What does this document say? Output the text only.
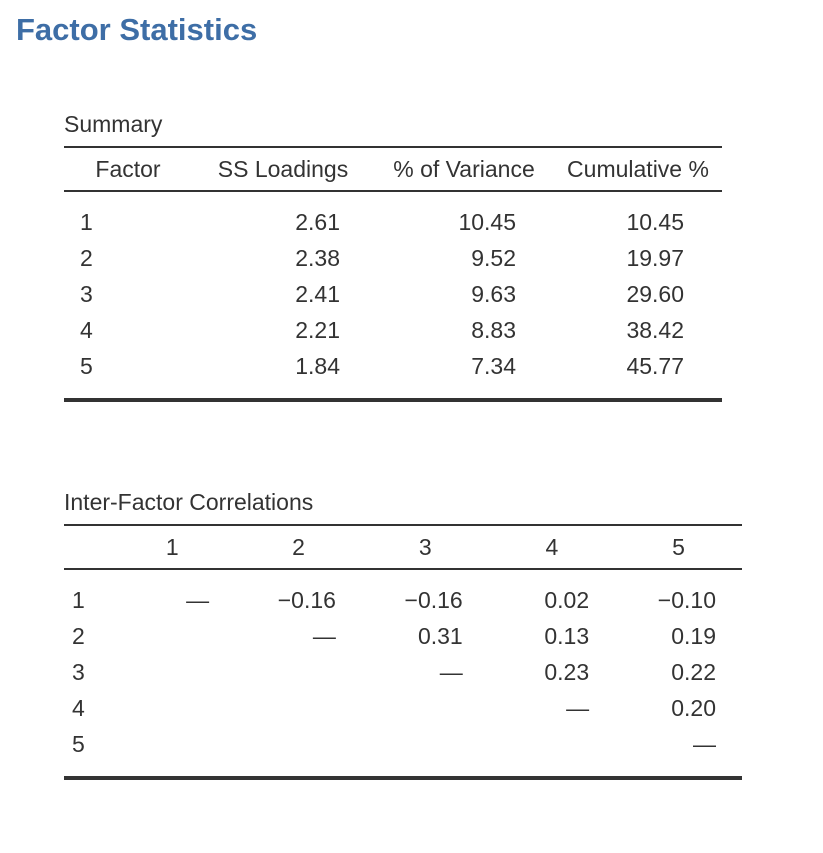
Factor Statistics
Summary
Factor	SS Loadings	% of Variance	Cumulative %
1	2.61	10.45	10.45
2	2.38	9.52	19.97
3	2.41	9.63	29.60
4	2.21	8.83	38.42
5	1.84	7.34	45.77
Inter-Factor Correlations
	1	2	3	4	5
1	—	−0.16	−0.16	0.02	−0.10
2		—	0.31	0.13	0.19
3			—	0.23	0.22
4				—	0.20
5					—
